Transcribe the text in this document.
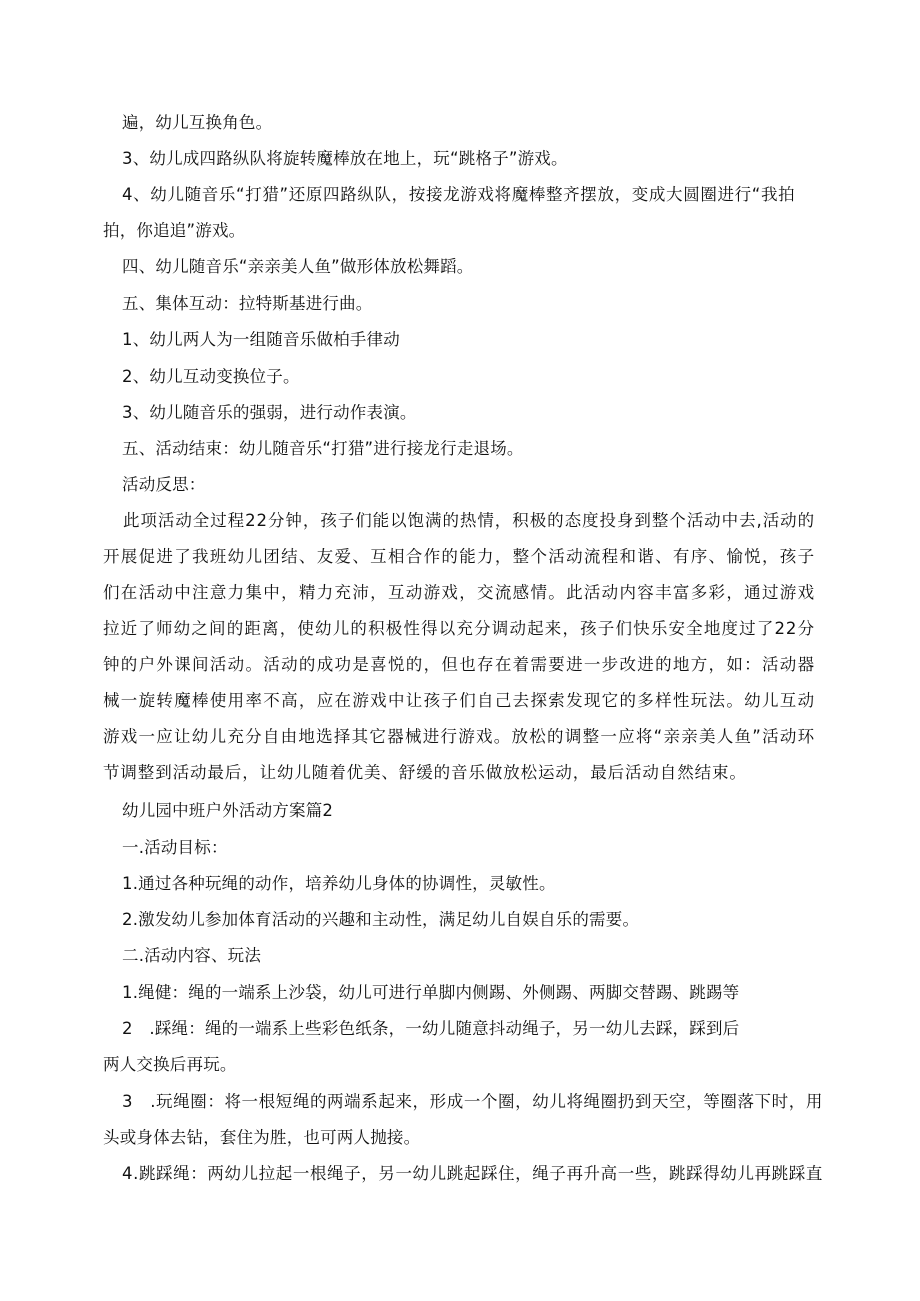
遍，幼儿互换角色。
3、幼儿成四路纵队将旋转魔棒放在地上，玩“跳格子”游戏。
4、幼儿随音乐“打猎”还原四路纵队，按接龙游戏将魔棒整齐摆放，变成大圆圈进行“我拍
拍，你追追”游戏。
四、幼儿随音乐“亲亲美人鱼”做形体放松舞蹈。
五、集体互动：拉特斯基进行曲。
1、幼儿两人为一组随音乐做柏手律动
2、幼儿互动变换位子。
3、幼儿随音乐的强弱，进行动作表演。
五、活动结束：幼儿随音乐“打猎”进行接龙行走退场。
活动反思：
此项活动全过程22分钟，孩子们能以饱满的热情，积极的态度投身到整个活动中去,活动的开展促进了我班幼儿团结、友爱、互相合作的能力，整个活动流程和谐、有序、愉悦，孩子们在活动中注意力集中，精力充沛，互动游戏，交流感情。此活动内容丰富多彩，通过游戏拉近了师幼之间的距离，使幼儿的积极性得以充分调动起来，孩子们快乐安全地度过了22分钟的户外课间活动。活动的成功是喜悦的，但也存在着需要进一步改进的地方，如：活动器械一旋转魔棒使用率不高，应在游戏中让孩子们自己去探索发现它的多样性玩法。幼儿互动游戏一应让幼儿充分自由地选择其它器械进行游戏。放松的调整一应将“亲亲美人鱼”活动环节调整到活动最后，让幼儿随着优美、舒缓的音乐做放松运动，最后活动自然结束。
幼儿园中班户外活动方案篇2
一.活动目标：
1.通过各种玩绳的动作，培养幼儿身体的协调性，灵敏性。
2.激发幼儿参加体育活动的兴趣和主动性，满足幼儿自娱自乐的需要。
二.活动内容、玩法
1.绳健：绳的一端系上沙袋，幼儿可进行单脚内侧踢、外侧踢、两脚交替踢、跳踢等
2 .踩绳：绳的一端系上些彩色纸条，一幼儿随意抖动绳子，另一幼儿去踩，踩到后
两人交换后再玩。
3 .玩绳圈：将一根短绳的两端系起来，形成一个圈，幼儿将绳圈扔到天空，等圈落下时，用
头或身体去钻，套住为胜，也可两人抛接。
4.跳踩绳：两幼儿拉起一根绳子，另一幼儿跳起踩住，绳子再升高一些，跳踩得幼儿再跳踩直
